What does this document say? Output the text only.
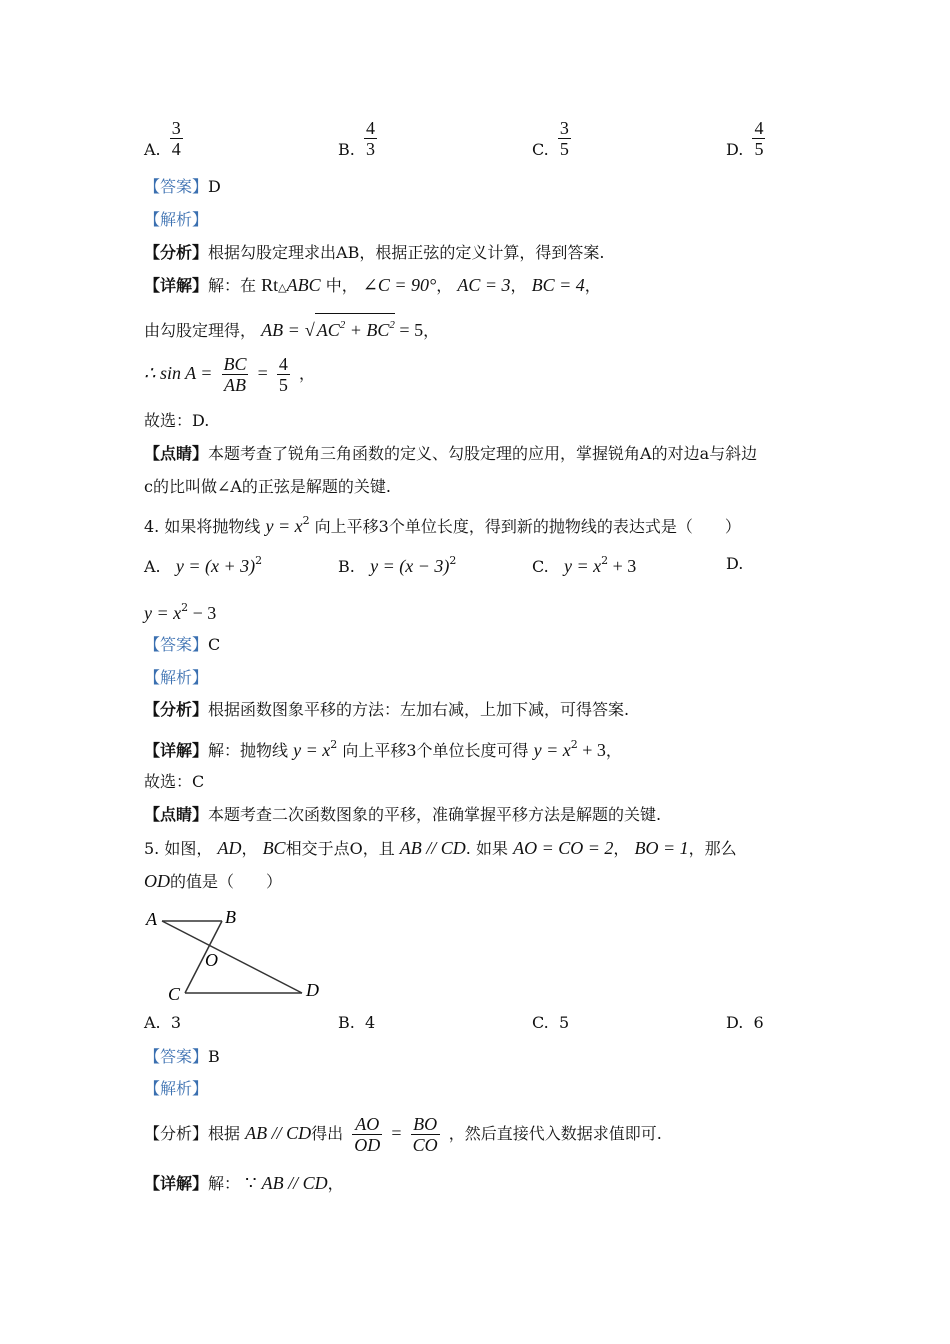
A. $\frac{3}{4}$	B. $\frac{4}{3}$	C. $\frac{3}{5}$	D. $\frac{4}{5}$
【答案】D
【解析】
【分析】根据勾股定理求出AB，根据正弦的定义计算，得到答案.
【详解】解：在 Rt△ABC 中， ∠C = 90°， AC = 3， BC = 4，
由勾股定理得， AB = √ $AC^2 + BC^2 = 5$，
∴ $\sin A = \frac{BC}{AB} = \frac{4}{5}$ ，
故选：D.
【点睛】本题考查了锐角三角函数的定义、勾股定理的应用，掌握锐角A的对边a与斜边
c的比叫做∠A的正弦是解题的关键.
4. 如果将抛物线 $y = x^2$ 向上平移3个单位长度，得到新的抛物线的表达式是（　　）
A. $y = (x + 3)^2$	B. $y = (x - 3)^2$	C. $y = x^2 + 3$	D.
$y = x^2 - 3$
【答案】C
【解析】
【分析】根据函数图象平移的方法：左加右减，上加下减，可得答案.
【详解】解：抛物线 $y = x^2$ 向上平移3个单位长度可得 $y = x^2 + 3$，
故选：C
【点睛】本题考查二次函数图象的平移，准确掌握平移方法是解题的关键.
5. 如图， AD， BC相交于点O，且 AB // CD. 如果 AO = CO = 2， BO = 1，那么
OD的值是（　　）
A	B
O
C	D
A. 3	B. 4	C. 5	D. 6
【答案】B
【解析】
【分析】根据 AB // CD得出 $\frac{AO}{OD} = \frac{BO}{CO}$ ，然后直接代入数据求值即可.
【详解】解： ∵ AB // CD，
